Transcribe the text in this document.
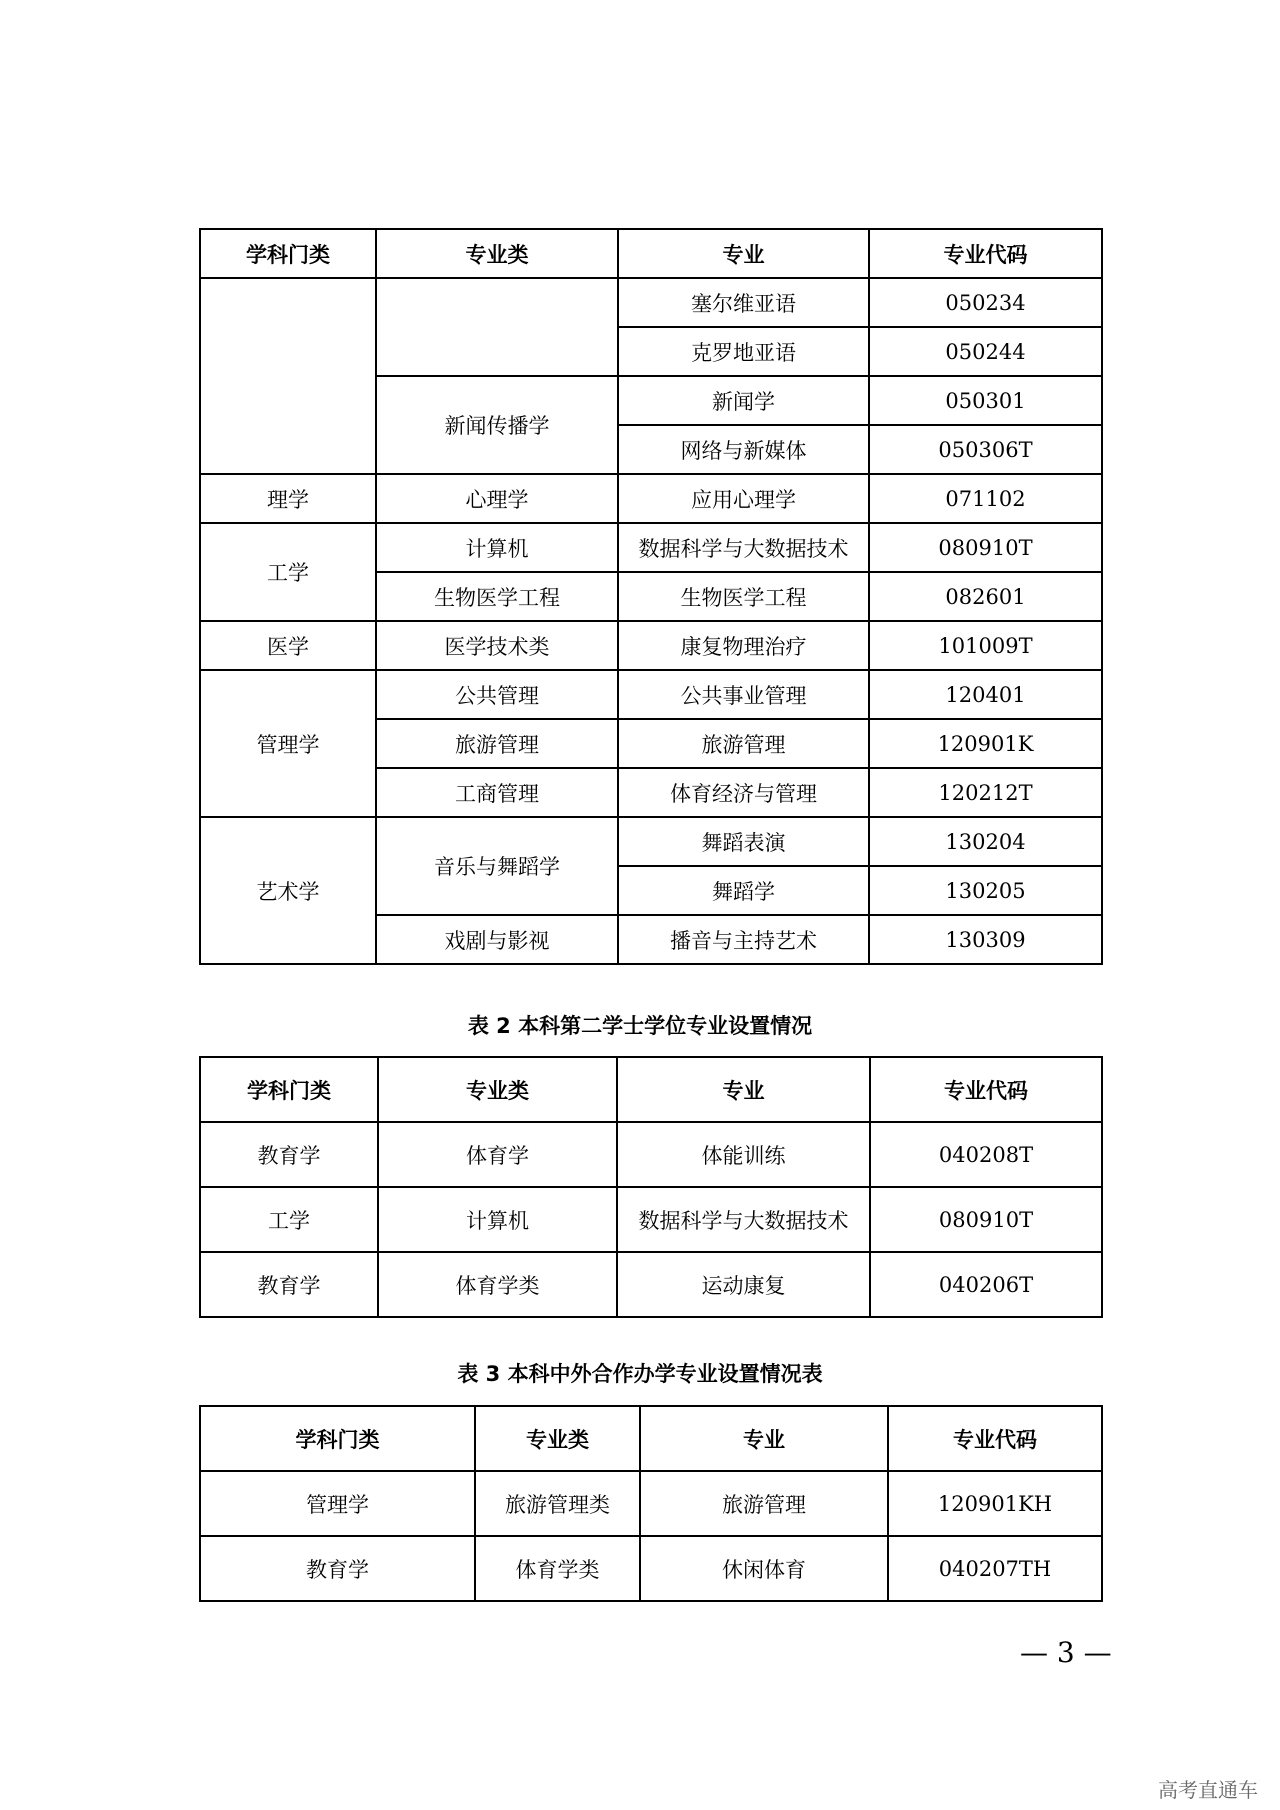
学科门类	专业类	专业	专业代码
		塞尔维亚语	050234
		克罗地亚语	050244
	新闻传播学	新闻学	050301
		网络与新媒体	050306T
理学	心理学	应用心理学	071102
工学	计算机	数据科学与大数据技术	080910T
	生物医学工程	生物医学工程	082601
医学	医学技术类	康复物理治疗	101009T
管理学	公共管理	公共事业管理	120401
	旅游管理	旅游管理	120901K
	工商管理	体育经济与管理	120212T
艺术学	音乐与舞蹈学	舞蹈表演	130204
		舞蹈学	130205
	戏剧与影视	播音与主持艺术	130309
表 2 本科第二学士学位专业设置情况
学科门类	专业类	专业	专业代码
教育学	体育学	体能训练	040208T
工学	计算机	数据科学与大数据技术	080910T
教育学	体育学类	运动康复	040206T
表 3 本科中外合作办学专业设置情况表
学科门类	专业类	专业	专业代码
管理学	旅游管理类	旅游管理	120901KH
教育学	体育学类	休闲体育	040207TH
— 3 —
高考直通车
